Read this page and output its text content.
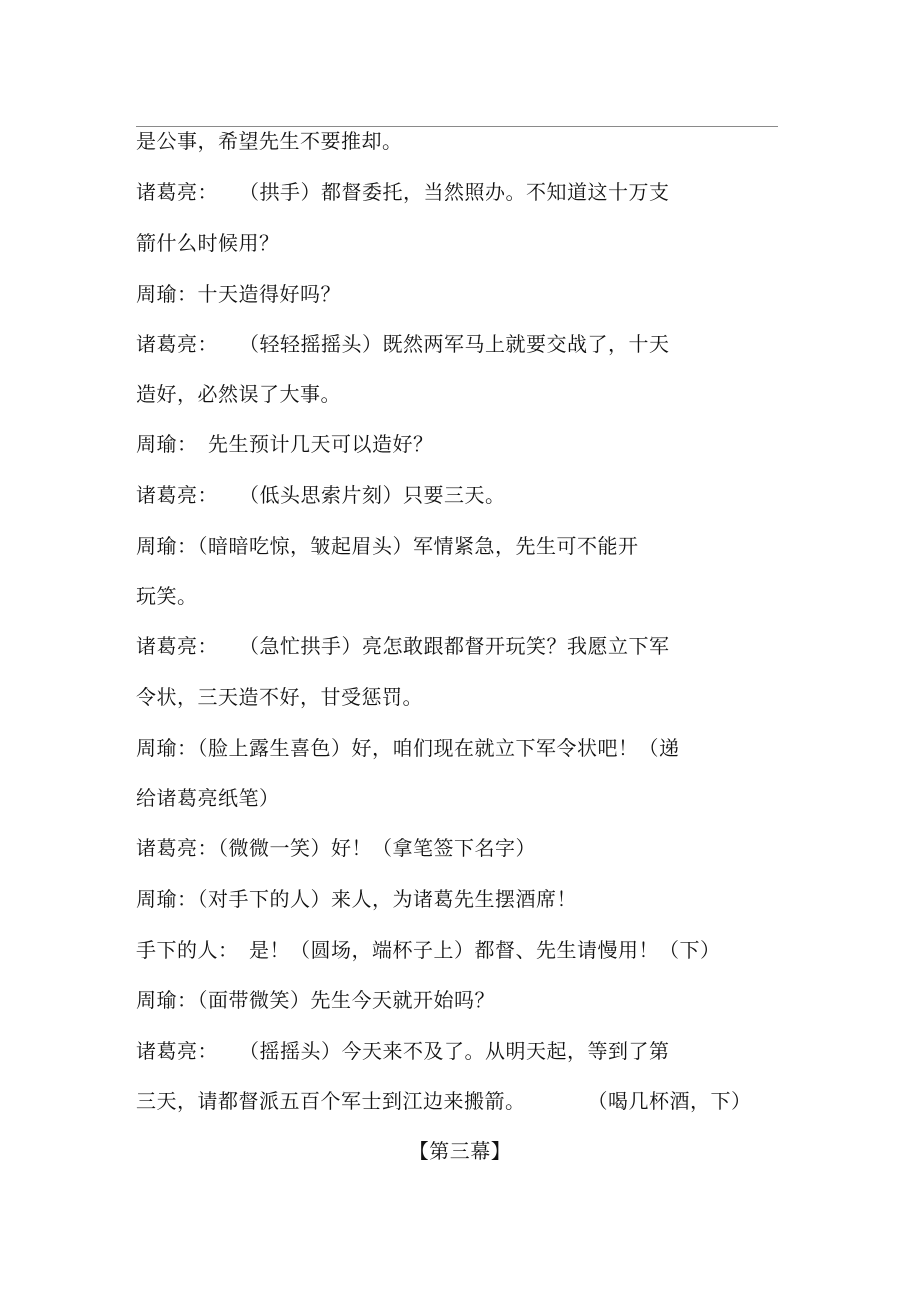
是公事，希望先生不要推却。
诸葛亮：　　（拱手）都督委托，当然照办。不知道这十万支
箭什么时候用？
周瑜：十天造得好吗？
诸葛亮：　　（轻轻摇摇头）既然两军马上就要交战了，十天
造好，必然误了大事。
周瑜：　先生预计几天可以造好？
诸葛亮：　　（低头思索片刻）只要三天。
周瑜：（暗暗吃惊，皱起眉头）军情紧急，先生可不能开
玩笑。
诸葛亮：　　（急忙拱手）亮怎敢跟都督开玩笑？我愿立下军
令状，三天造不好，甘受惩罚。
周瑜：（脸上露生喜色）好，咱们现在就立下军令状吧！（递
给诸葛亮纸笔）
诸葛亮：（微微一笑）好！（拿笔签下名字）
周瑜：（对手下的人）来人，为诸葛先生摆酒席！
手下的人：　是！（圆场，端杯子上）都督、先生请慢用！（下）
周瑜：（面带微笑）先生今天就开始吗？
诸葛亮：　　（摇摇头）今天来不及了。从明天起，等到了第
三天，请都督派五百个军士到江边来搬箭。　　　　（喝几杯酒，下）
【第三幕】
